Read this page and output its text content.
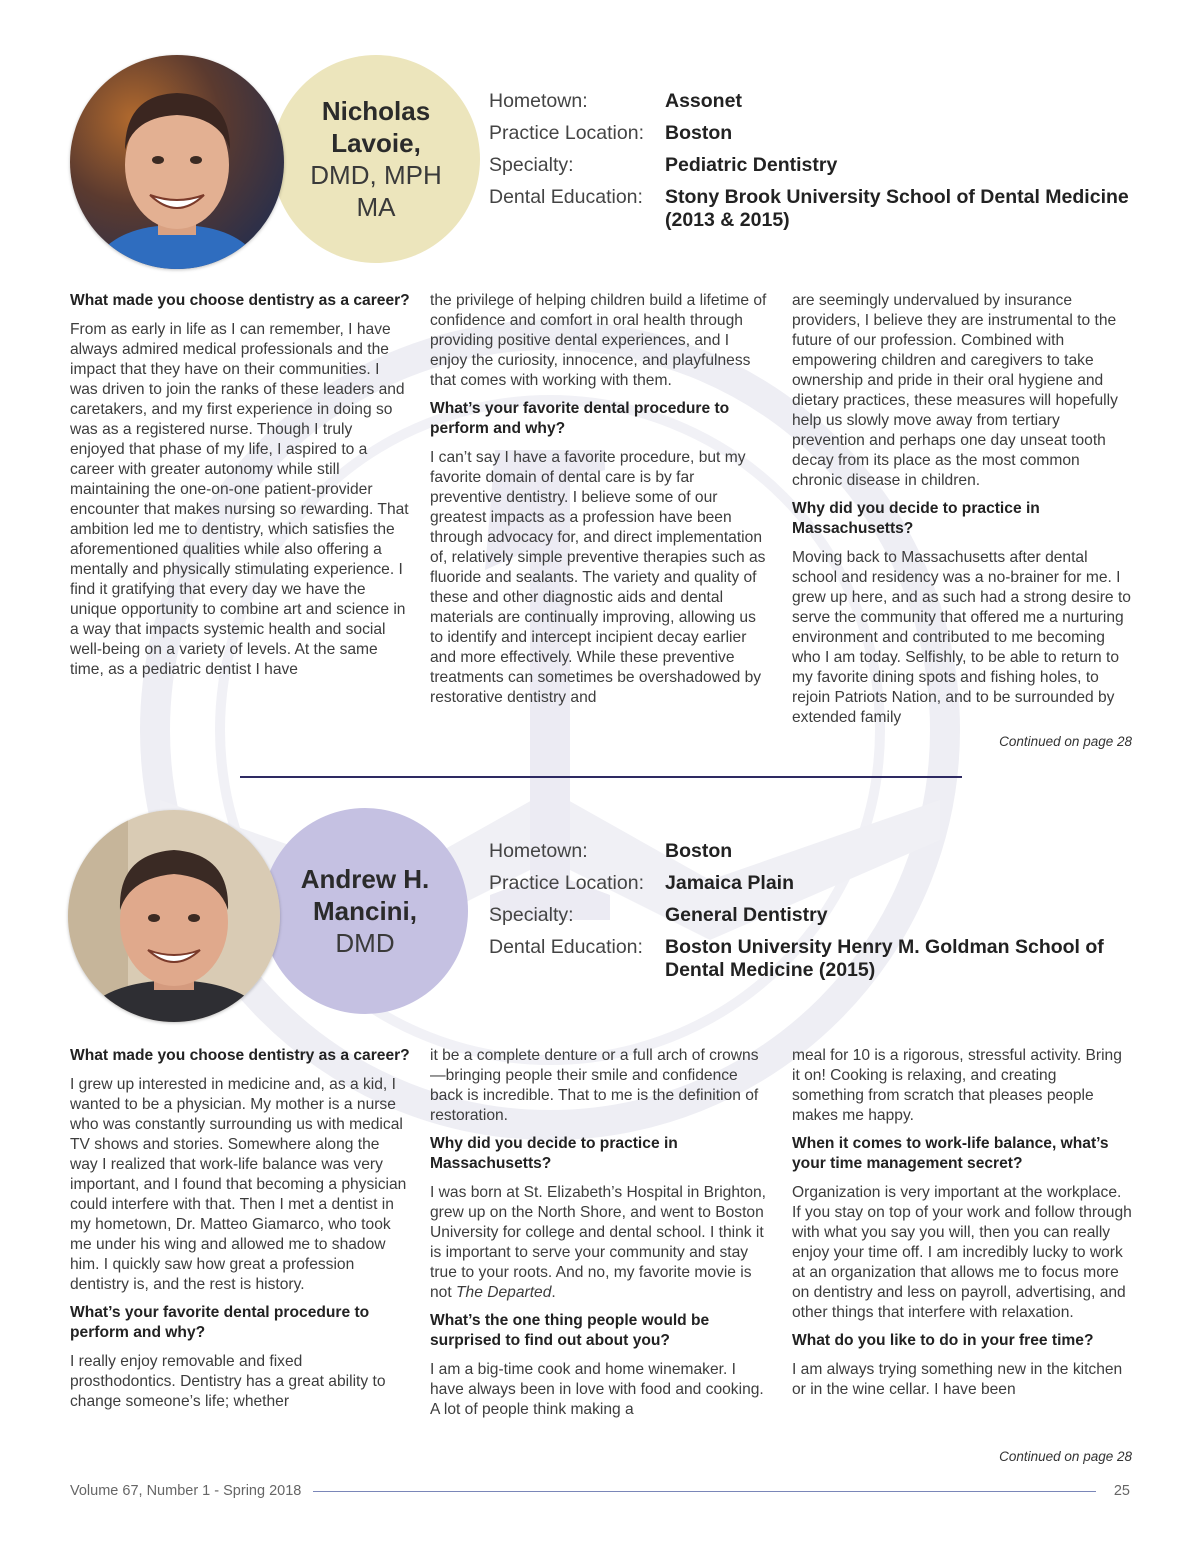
Nicholas Lavoie,
DMD, MPH MA
Hometown:	Assonet
Practice Location:	Boston
Specialty:	Pediatric Dentistry
Dental Education:	Stony Brook University School of Dental Medicine (2013 & 2015)
What made you choose dentistry as a career?

From as early in life as I can remember, I have always admired medical professionals and the impact that they have on their communities. I was driven to join the ranks of these leaders and caretakers, and my first experience in doing so was as a registered nurse. Though I truly enjoyed that phase of my life, I aspired to a career with greater autonomy while still maintaining the one-on-one patient-provider encounter that makes nursing so rewarding. That ambition led me to dentistry, which satisfies the aforementioned qualities while also offering a mentally and physically stimulating experience. I find it gratifying that every day we have the unique opportunity to combine art and science in a way that impacts systemic health and social well-being on a variety of levels. At the same time, as a pediatric dentist I have

the privilege of helping children build a lifetime of confidence and comfort in oral health through providing positive dental experiences, and I enjoy the curiosity, innocence, and playfulness that comes with working with them.

What’s your favorite dental procedure to perform and why?

I can’t say I have a favorite procedure, but my favorite domain of dental care is by far preventive dentistry. I believe some of our greatest impacts as a profession have been through advocacy for, and direct implementation of, relatively simple preventive therapies such as fluoride and sealants. The variety and quality of these and other diagnostic aids and dental materials are continually improving, allowing us to identify and intercept incipient decay earlier and more effectively. While these preventive treatments can sometimes be overshadowed by restorative dentistry and

are seemingly undervalued by insurance providers, I believe they are instrumental to the future of our profession. Combined with empowering children and caregivers to take ownership and pride in their oral hygiene and dietary practices, these measures will hopefully help us slowly move away from tertiary prevention and perhaps one day unseat tooth decay from its place as the most common chronic disease in children.

Why did you decide to practice in Massachusetts?

Moving back to Massachusetts after dental school and residency was a no-brainer for me. I grew up here, and as such had a strong desire to serve the community that offered me a nurturing environment and contributed to me becoming who I am today. Selfishly, to be able to return to my favorite dining spots and fishing holes, to rejoin Patriots Nation, and to be surrounded by extended family

Continued on page 28
Andrew H. Mancini,
DMD
Hometown:	Boston
Practice Location:	Jamaica Plain
Specialty:	General Dentistry
Dental Education:	Boston University Henry M. Goldman School of Dental Medicine (2015)
What made you choose dentistry as a career?

I grew up interested in medicine and, as a kid, I wanted to be a physician. My mother is a nurse who was constantly surrounding us with medical TV shows and stories. Somewhere along the way I realized that work-life balance was very important, and I found that becoming a physician could interfere with that. Then I met a dentist in my hometown, Dr. Matteo Giamarco, who took me under his wing and allowed me to shadow him. I quickly saw how great a profession dentistry is, and the rest is history.

What’s your favorite dental procedure to perform and why?

I really enjoy removable and fixed prosthodontics. Dentistry has a great ability to change someone’s life; whether

it be a complete denture or a full arch of crowns—bringing people their smile and confidence back is incredible. That to me is the definition of restoration.

Why did you decide to practice in Massachusetts?

I was born at St. Elizabeth’s Hospital in Brighton, grew up on the North Shore, and went to Boston University for college and dental school. I think it is important to serve your community and stay true to your roots. And no, my favorite movie is not The Departed.

What’s the one thing people would be surprised to find out about you?

I am a big-time cook and home winemaker. I have always been in love with food and cooking. A lot of people think making a

meal for 10 is a rigorous, stressful activity. Bring it on! Cooking is relaxing, and creating something from scratch that pleases people makes me happy.

When it comes to work-life balance, what’s your time management secret?

Organization is very important at the workplace. If you stay on top of your work and follow through with what you say you will, then you can really enjoy your time off. I am incredibly lucky to work at an organization that allows me to focus more on dentistry and less on payroll, advertising, and other things that interfere with relaxation.

What do you like to do in your free time?

I am always trying something new in the kitchen or in the wine cellar. I have been

Continued on page 28
Volume 67, Number 1 - Spring 2018	25
